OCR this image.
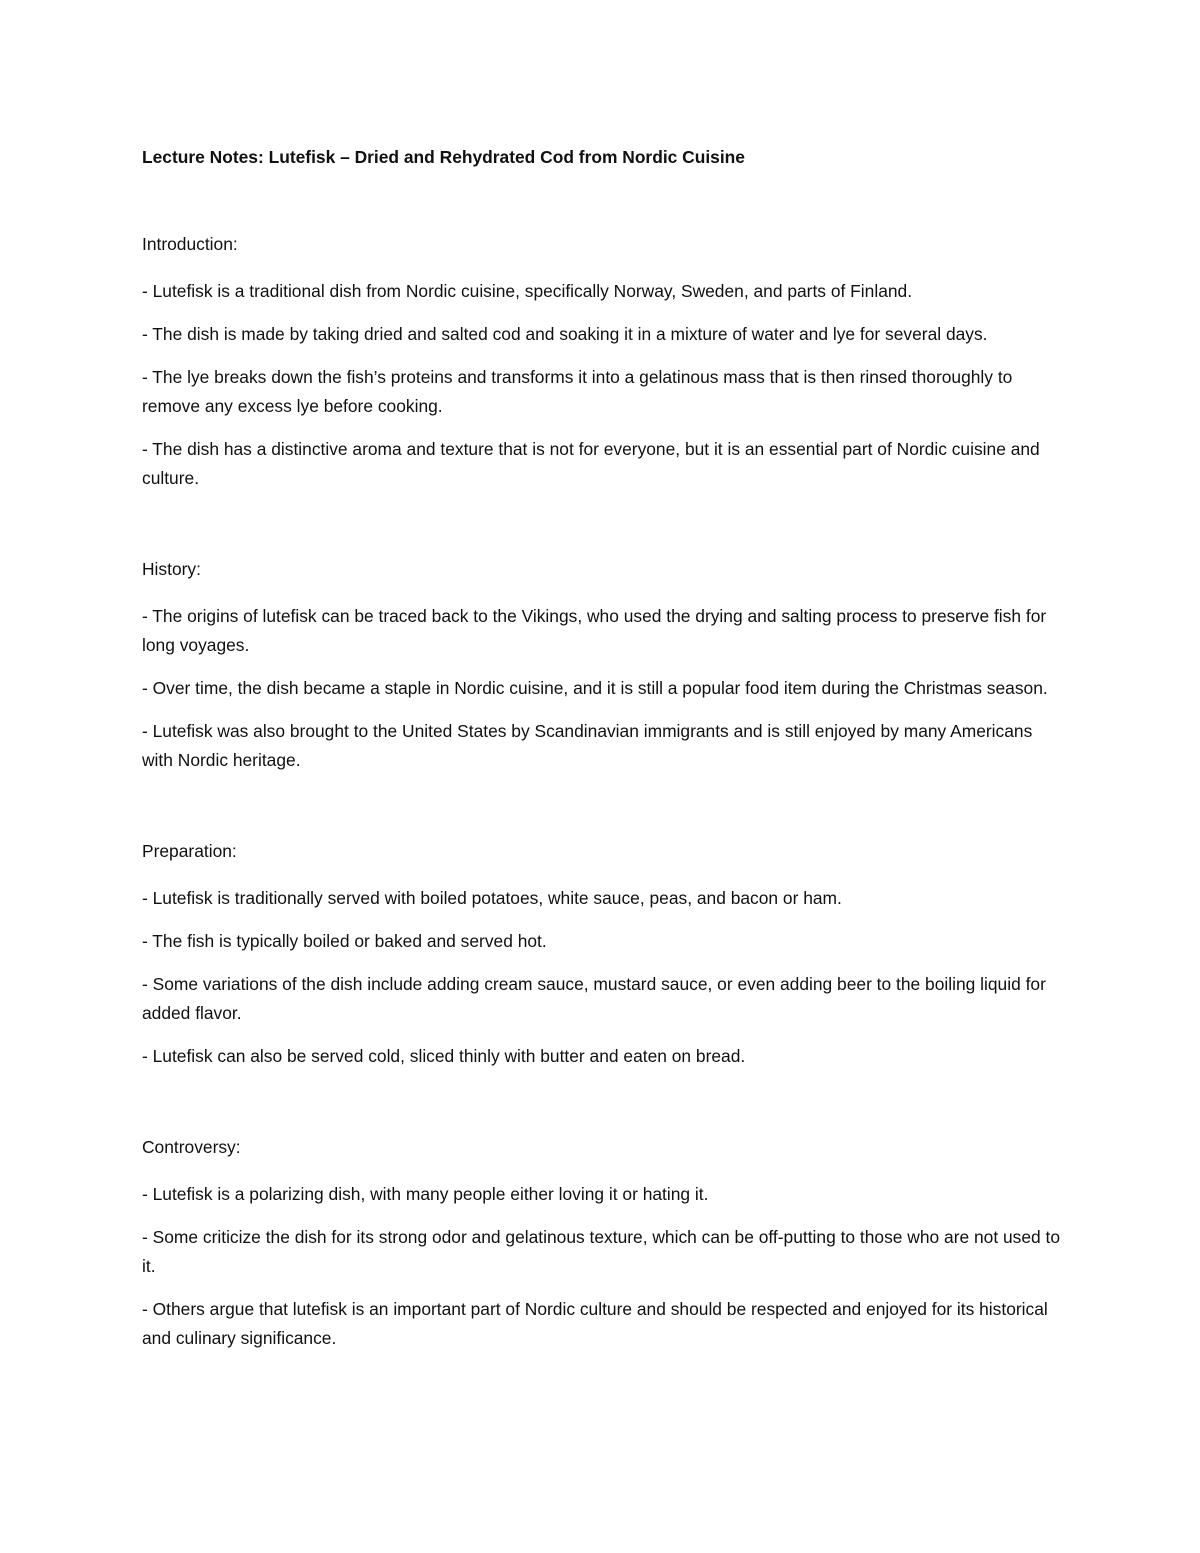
Lecture Notes: Lutefisk – Dried and Rehydrated Cod from Nordic Cuisine
Introduction:
- Lutefisk is a traditional dish from Nordic cuisine, specifically Norway, Sweden, and parts of Finland.
- The dish is made by taking dried and salted cod and soaking it in a mixture of water and lye for several days.
- The lye breaks down the fish’s proteins and transforms it into a gelatinous mass that is then rinsed thoroughly to remove any excess lye before cooking.
- The dish has a distinctive aroma and texture that is not for everyone, but it is an essential part of Nordic cuisine and culture.
History:
- The origins of lutefisk can be traced back to the Vikings, who used the drying and salting process to preserve fish for long voyages.
- Over time, the dish became a staple in Nordic cuisine, and it is still a popular food item during the Christmas season.
- Lutefisk was also brought to the United States by Scandinavian immigrants and is still enjoyed by many Americans with Nordic heritage.
Preparation:
- Lutefisk is traditionally served with boiled potatoes, white sauce, peas, and bacon or ham.
- The fish is typically boiled or baked and served hot.
- Some variations of the dish include adding cream sauce, mustard sauce, or even adding beer to the boiling liquid for added flavor.
- Lutefisk can also be served cold, sliced thinly with butter and eaten on bread.
Controversy:
- Lutefisk is a polarizing dish, with many people either loving it or hating it.
- Some criticize the dish for its strong odor and gelatinous texture, which can be off-putting to those who are not used to it.
- Others argue that lutefisk is an important part of Nordic culture and should be respected and enjoyed for its historical and culinary significance.
